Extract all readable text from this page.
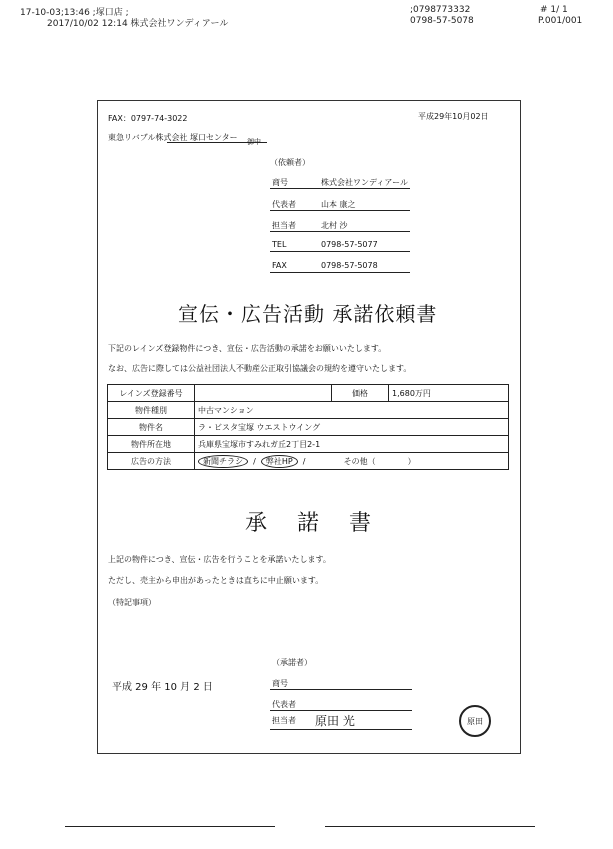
17-10-03;13:46 ;塚口店 ;	;0798773332	# 1/ 1
2017/10/02 12:14 株式会社ワンディアール	0798-57-5078	P.001/001
FAX：0797-74-3022	平成29年10月02日
東急リバブル株式会社 塚口センター 御中
（依頼者）
商号	株式会社ワンディアール
代表者	山本 康之
担当者	北村 沙
TEL	0798-57-5077
FAX	0798-57-5078
宣伝・広告活動 承諾依頼書
下記のレインズ登録物件につき、宣伝・広告活動の承諾をお願いいたします。
なお、広告に際しては公益社団法人不動産公正取引協議会の規約を遵守いたします。
レインズ登録番号		価格	1,680万円
物件種別	中古マンション		
物件名	ラ・ビスタ宝塚 ウエストウイング		
物件所在地	兵庫県宝塚市すみれガ丘2丁目2-1		
広告の方法	新聞チラシ  /  弊社HP  /               その他（　　　　）		
承諾書
上記の物件につき、宣伝・広告を行うことを承諾いたします。
ただし、売主から申出があったときは直ちに中止願います。
（特記事項）
（承諾者）
平成 29 年 10 月 2 日	商号
代表者
担当者 原田 光	原田
